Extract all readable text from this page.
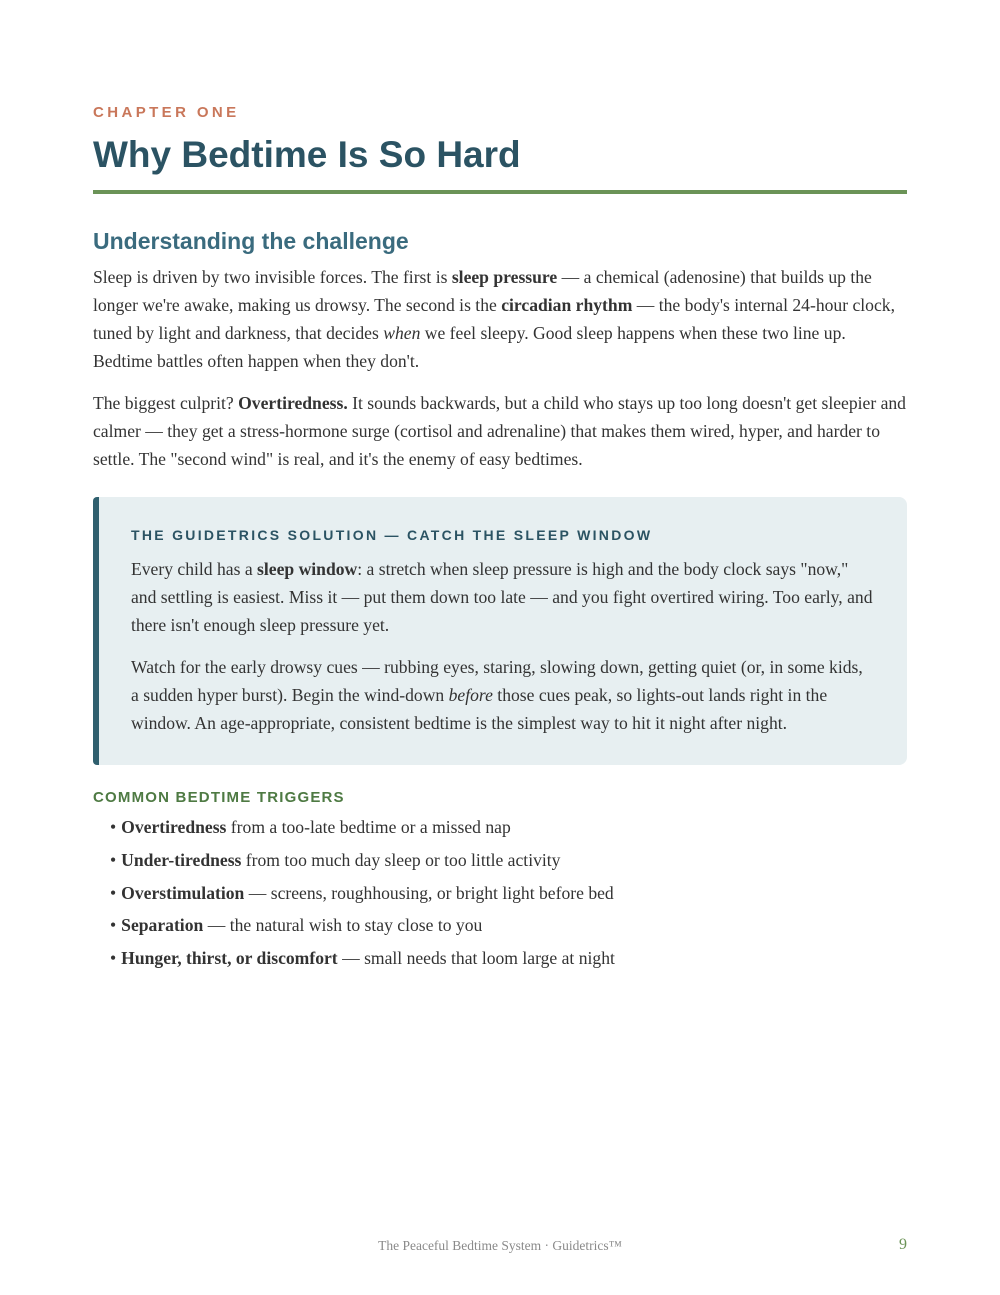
CHAPTER ONE
Why Bedtime Is So Hard
Understanding the challenge

Sleep is driven by two invisible forces. The first is sleep pressure — a chemical (adenosine) that builds up the longer we're awake, making us drowsy. The second is the circadian rhythm — the body's internal 24-hour clock, tuned by light and darkness, that decides when we feel sleepy. Good sleep happens when these two line up. Bedtime battles often happen when they don't.

The biggest culprit? Overtiredness. It sounds backwards, but a child who stays up too long doesn't get sleepier and calmer — they get a stress-hormone surge (cortisol and adrenaline) that makes them wired, hyper, and harder to settle. The "second wind" is real, and it's the enemy of easy bedtimes.

THE GUIDETRICS SOLUTION — CATCH THE SLEEP WINDOW

Every child has a sleep window: a stretch when sleep pressure is high and the body clock says "now," and settling is easiest. Miss it — put them down too late — and you fight overtired wiring. Too early, and there isn't enough sleep pressure yet.

Watch for the early drowsy cues — rubbing eyes, staring, slowing down, getting quiet (or, in some kids, a sudden hyper burst). Begin the wind-down before those cues peak, so lights-out lands right in the window. An age-appropriate, consistent bedtime is the simplest way to hit it night after night.

COMMON BEDTIME TRIGGERS
• Overtiredness from a too-late bedtime or a missed nap
• Under-tiredness from too much day sleep or too little activity
• Overstimulation — screens, roughhousing, or bright light before bed
• Separation — the natural wish to stay close to you
• Hunger, thirst, or discomfort — small needs that loom large at night
The Peaceful Bedtime System · Guidetrics™	9
